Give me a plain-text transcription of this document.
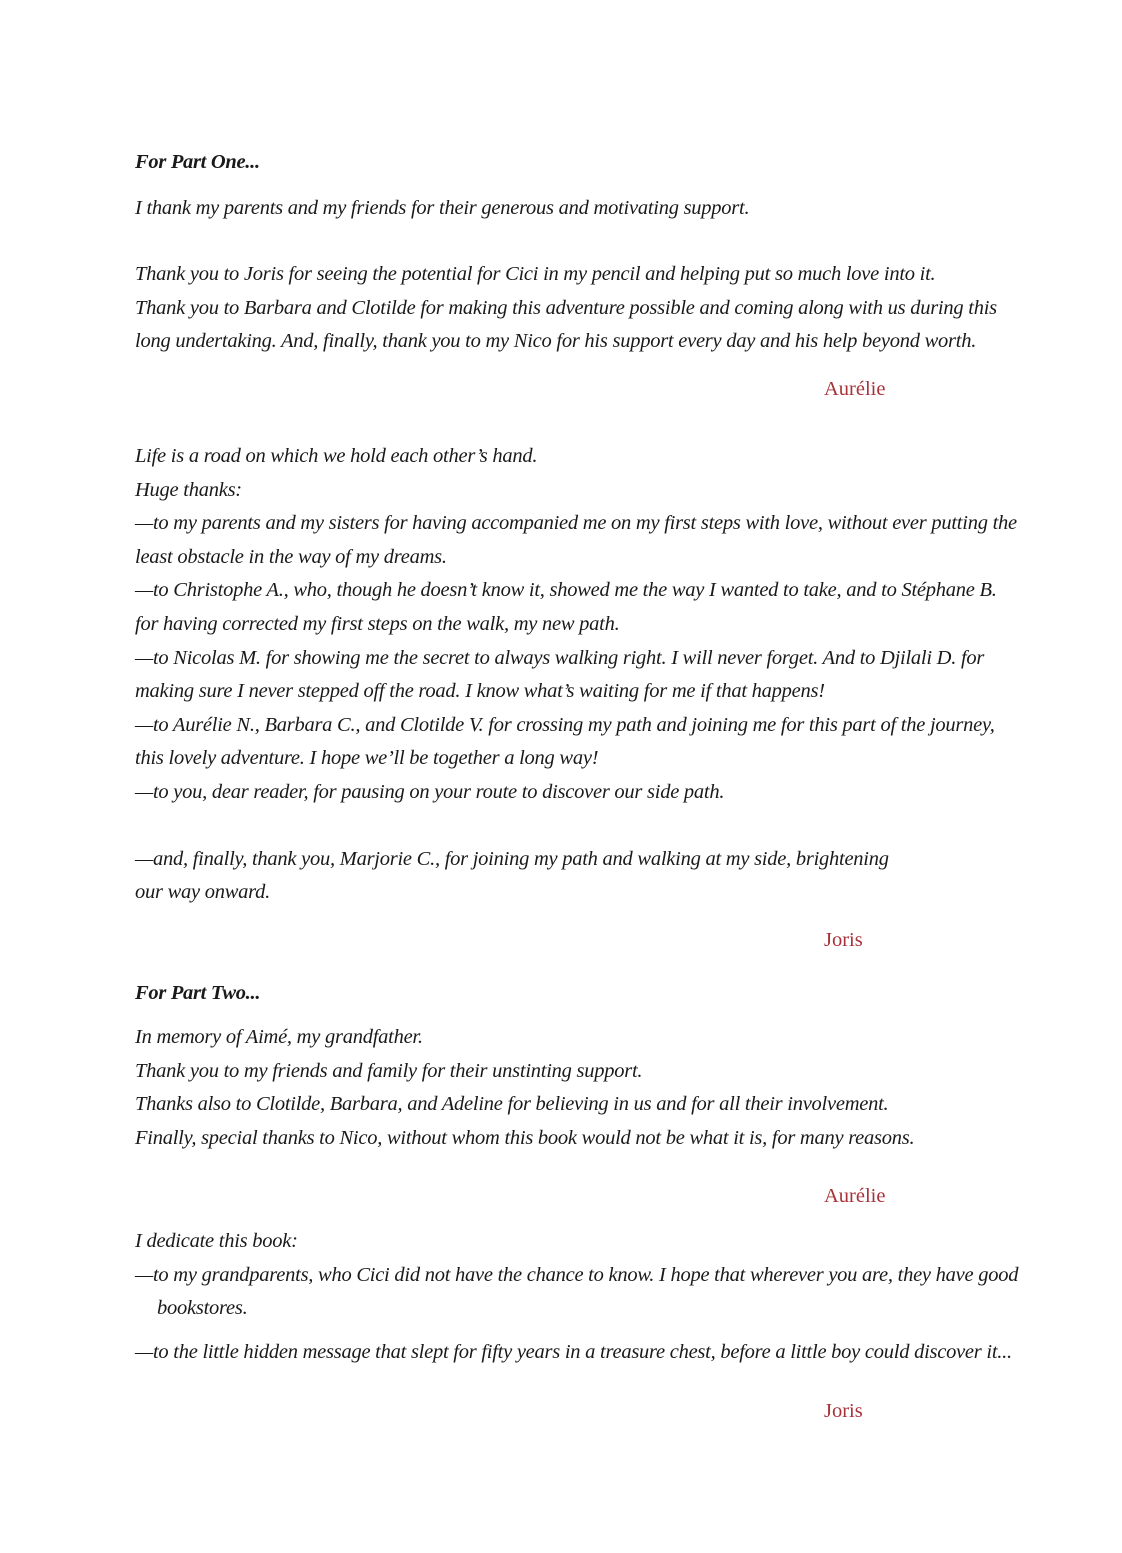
For Part One...
I thank my parents and my friends for their generous and motivating support.
Thank you to Joris for seeing the potential for Cici in my pencil and helping put so much love into it.
Thank you to Barbara and Clotilde for making this adventure possible and coming along with us during this
long undertaking. And, finally, thank you to my Nico for his support every day and his help beyond worth.
Aurélie
Life is a road on which we hold each other’s hand.
Huge thanks:
—to my parents and my sisters for having accompanied me on my first steps with love, without ever putting the
least obstacle in the way of my dreams.
—to Christophe A., who, though he doesn’t know it, showed me the way I wanted to take, and to Stéphane B.
for having corrected my first steps on the walk, my new path.
—to Nicolas M. for showing me the secret to always walking right. I will never forget. And to Djilali D. for
making sure I never stepped off the road. I know what’s waiting for me if that happens!
—to Aurélie N., Barbara C., and Clotilde V. for crossing my path and joining me for this part of the journey,
this lovely adventure. I hope we’ll be together a long way!
—to you, dear reader, for pausing on your route to discover our side path.
—and, finally, thank you, Marjorie C., for joining my path and walking at my side, brightening
our way onward.
Joris
For Part Two...
In memory of Aimé, my grandfather.
Thank you to my friends and family for their unstinting support.
Thanks also to Clotilde, Barbara, and Adeline for believing in us and for all their involvement.
Finally, special thanks to Nico, without whom this book would not be what it is, for many reasons.
Aurélie
I dedicate this book:
—to my grandparents, who Cici did not have the chance to know. I hope that wherever you are, they have good
bookstores.
—to the little hidden message that slept for fifty years in a treasure chest, before a little boy could discover it...
Joris
